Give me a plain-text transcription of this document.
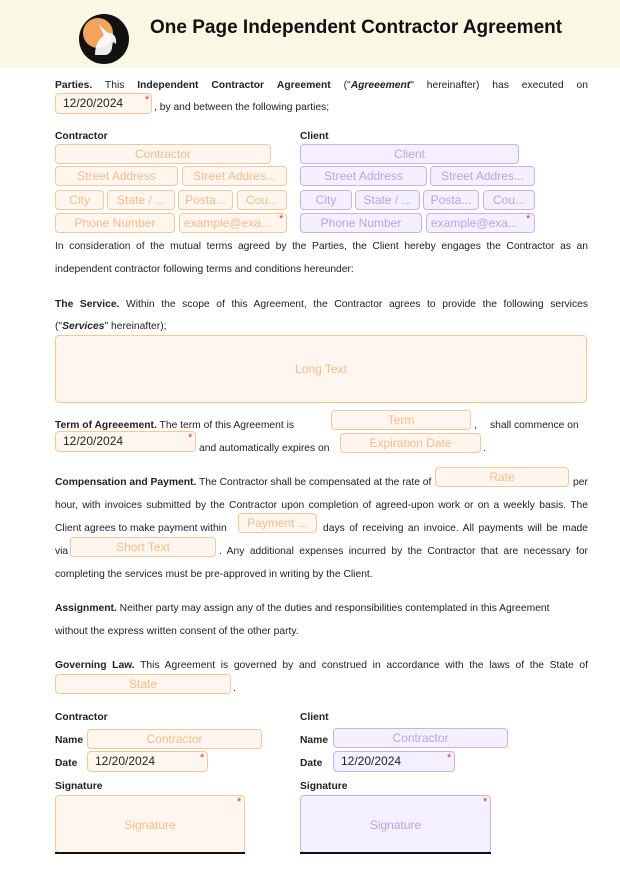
One Page Independent Contractor Agreement
Parties. This Independent Contractor Agreement ("Agreeement" hereinafter) has executed on
12/20/2024	*
, by and between the following parties;
Contractor	Client
Contractor	Client
Street Address	Street Addres...	Street Address	Street Addres...
City	State / ...	Posta...	Cou...	City	State / ...	Posta...	Cou...
Phone Number	example@exa... *	Phone Number	example@exa... *
In consideration of the mutual terms agreed by the Parties, the Client hereby engages the Contractor as an
independent contractor following terms and conditions hereunder:
The Service. Within the scope of this Agreement, the Contractor agrees to provide the following services
("Services" hereinafter);
Long Text
Term of Agreeement. The term of this Agreement is	Term	, shall commence on
12/20/2024	*
and automatically expires on	Expiration Date	.
Compensation and Payment. The Contractor shall be compensated at the rate of	Rate	per
hour, with invoices submitted by the Contractor upon completion of agreed-upon work or on a weekly basis. The
Client agrees to make payment within	Payment ...	days of receiving an invoice. All payments will be made
via	Short Text	. Any additional expenses incurred by the Contractor that are necessary for
completing the services must be pre-approved in writing by the Client.
Assignment. Neither party may assign any of the duties and responsibilities contemplated in this Agreement
without the express written consent of the other party.
Governing Law. This Agreement is governed by and construed in accordance with the laws of the State of
State	.
Contractor
Name	Contractor
Date	12/20/2024	*
Signature
Signature
*
Client
Name	Contractor
Date	12/20/2024	*
Signature
Signature
*
